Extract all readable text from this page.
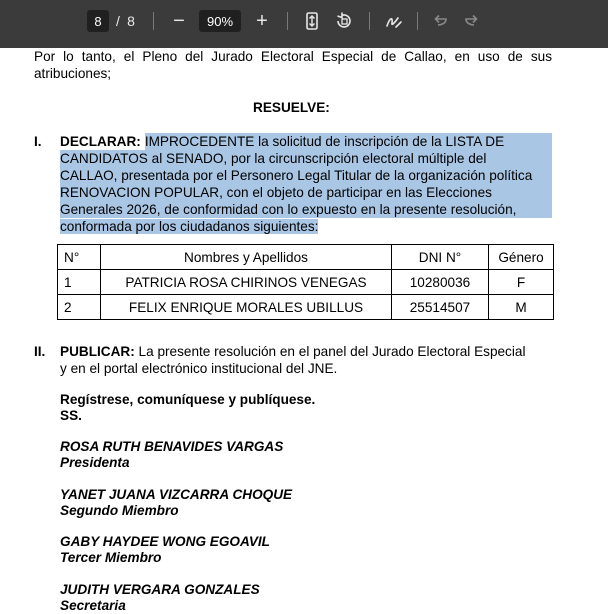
8	/ 8 −	90%	+
Por lo tanto, el Pleno del Jurado Electoral Especial de Callao, en uso de sus atribuciones;
RESUELVE:
I. DECLARAR: IMPROCEDENTE la solicitud de inscripción de la LISTA DE
CANDIDATOS al SENADO, por la circunscripción electoral múltiple del
CALLAO, presentada por el Personero Legal Titular de la organización política
RENOVACION POPULAR, con el objeto de participar en las Elecciones
Generales 2026, de conformidad con lo expuesto en la presente resolución,
conformada por los ciudadanos siguientes:
N°	Nombres y Apellidos	DNI N°	Género
1	PATRICIA ROSA CHIRINOS VENEGAS	10280036	F
2	FELIX ENRIQUE MORALES UBILLUS	25514507	M
II. PUBLICAR: La presente resolución en el panel del Jurado Electoral Especial
y en el portal electrónico institucional del JNE.
Regístrese, comuníquese y publíquese.
SS.
ROSA RUTH BENAVIDES VARGAS
Presidenta
YANET JUANA VIZCARRA CHOQUE
Segundo Miembro
GABY HAYDEE WONG EGOAVIL
Tercer Miembro
JUDITH VERGARA GONZALES
Secretaria
